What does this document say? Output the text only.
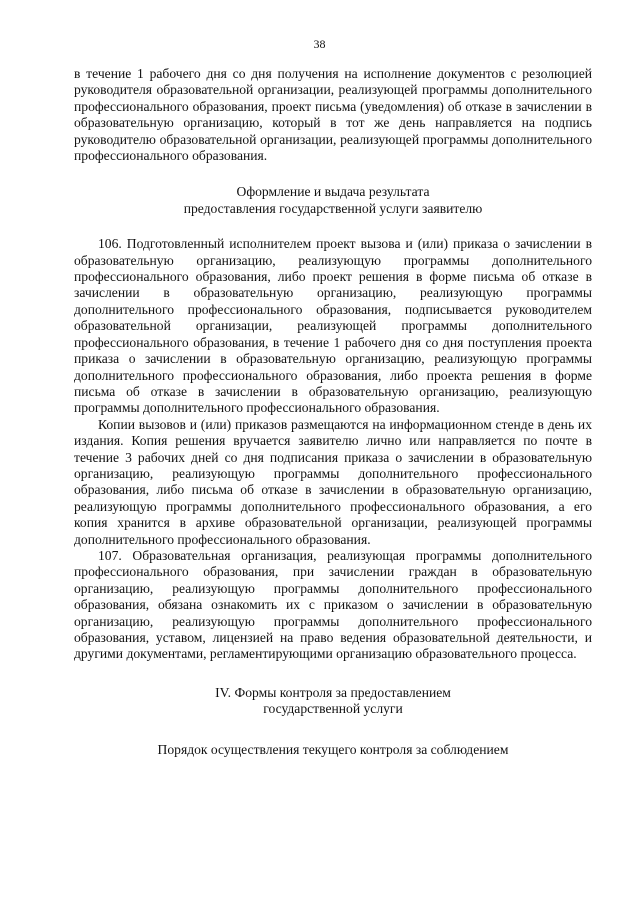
38

в течение 1 рабочего дня со дня получения на исполнение документов с резолюцией руководителя образовательной организации, реализующей программы дополнительного профессионального образования, проект письма (уведомления) об отказе в зачислении в образовательную организацию, который в тот же день направляется на подпись руководителю образовательной организации, реализующей программы дополнительного профессионального образования.

Оформление и выдача результата
предоставления государственной услуги заявителю

106. Подготовленный исполнителем проект вызова и (или) приказа о зачислении в образовательную организацию, реализующую программы дополнительного профессионального образования, либо проект решения в форме письма об отказе в зачислении в образовательную организацию, реализующую программы дополнительного профессионального образования, подписывается руководителем образовательной организации, реализующей программы дополнительного профессионального образования, в течение 1 рабочего дня со дня поступления проекта приказа о зачислении в образовательную организацию, реализующую программы дополнительного профессионального образования, либо проекта решения в форме письма об отказе в зачислении в образовательную организацию, реализующую программы дополнительного профессионального образования.

Копии вызовов и (или) приказов размещаются на информационном стенде в день их издания. Копия решения вручается заявителю лично или направляется по почте в течение 3 рабочих дней со дня подписания приказа о зачислении в образовательную организацию, реализующую программы дополнительного профессионального образования, либо письма об отказе в зачислении в образовательную организацию, реализующую программы дополнительного профессионального образования, а его копия хранится в архиве образовательной организации, реализующей программы дополнительного профессионального образования.

107. Образовательная организация, реализующая программы дополнительного профессионального образования, при зачислении граждан в образовательную организацию, реализующую программы дополнительного профессионального образования, обязана ознакомить их с приказом о зачислении в образовательную организацию, реализующую программы дополнительного профессионального образования, уставом, лицензией на право ведения образовательной деятельности, и другими документами, регламентирующими организацию образовательного процесса.

IV. Формы контроля за предоставлением
государственной услуги
Порядок осуществления текущего контроля за соблюдением
